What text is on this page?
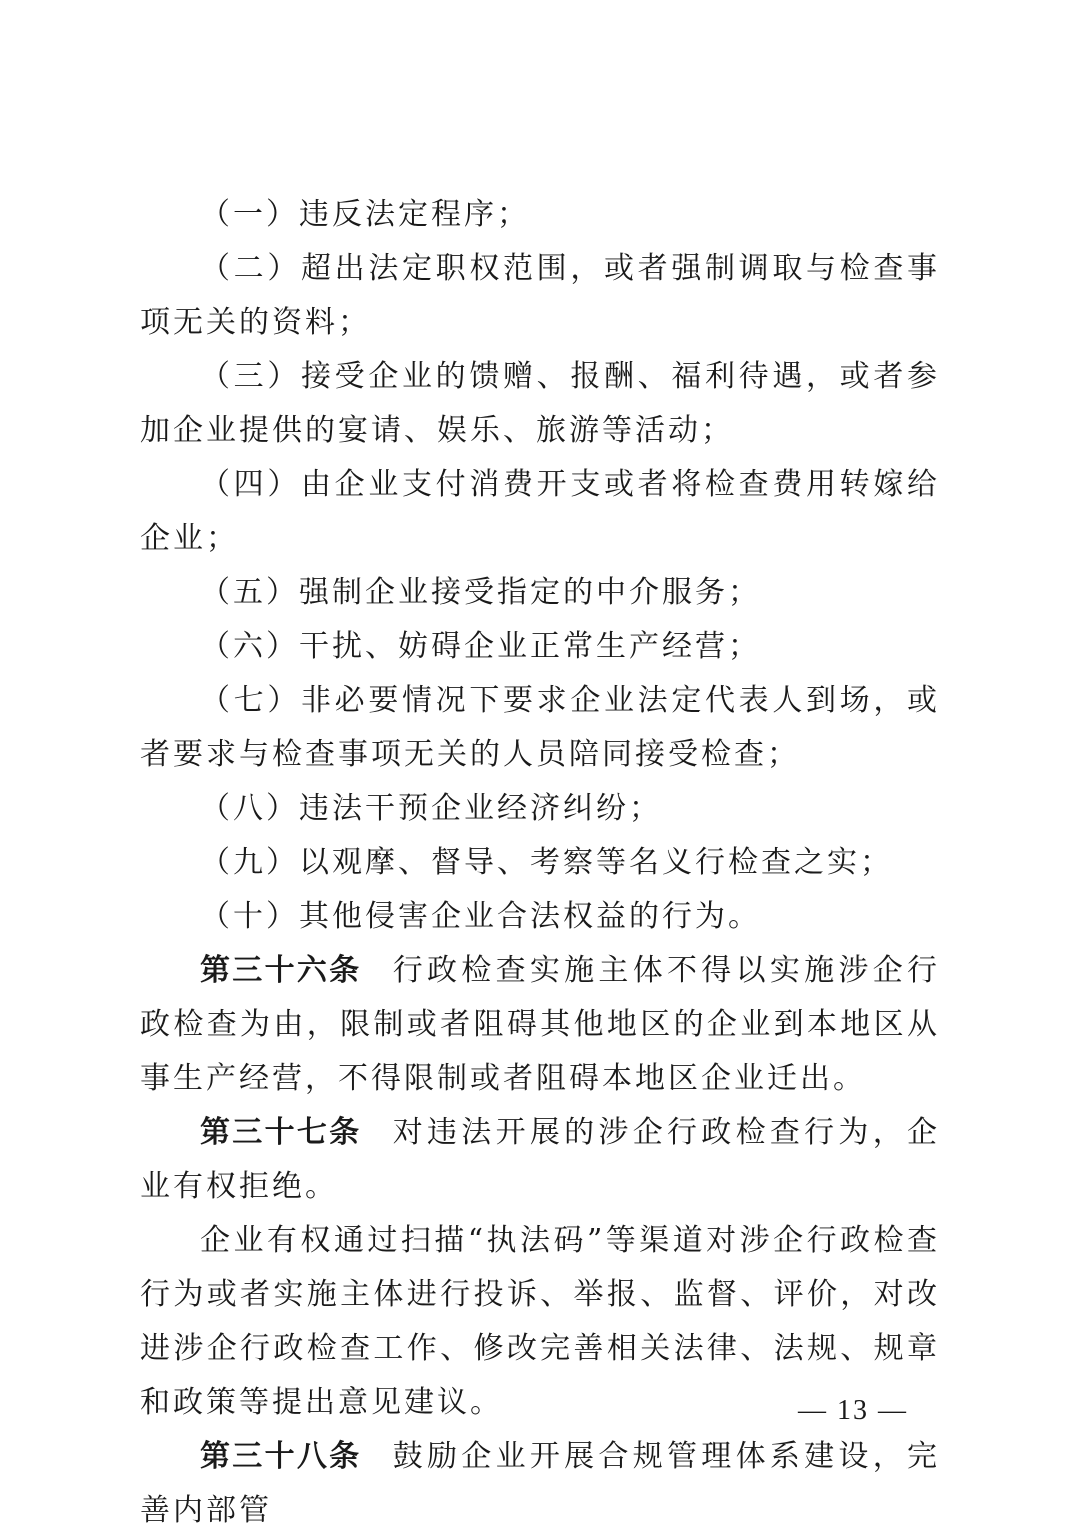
（一）违反法定程序；

（二）超出法定职权范围，或者强制调取与检查事项无关的资料；

（三）接受企业的馈赠、报酬、福利待遇，或者参加企业提供的宴请、娱乐、旅游等活动；

（四）由企业支付消费开支或者将检查费用转嫁给企业；

（五）强制企业接受指定的中介服务；

（六）干扰、妨碍企业正常生产经营；

（七）非必要情况下要求企业法定代表人到场，或者要求与检查事项无关的人员陪同接受检查；

（八）违法干预企业经济纠纷；

（九）以观摩、督导、考察等名义行检查之实；

（十）其他侵害企业合法权益的行为。

第三十六条 行政检查实施主体不得以实施涉企行政检查为由，限制或者阻碍其他地区的企业到本地区从事生产经营，不得限制或者阻碍本地区企业迁出。

第三十七条 对违法开展的涉企行政检查行为，企业有权拒绝。

企业有权通过扫描“执法码”等渠道对涉企行政检查行为或者实施主体进行投诉、举报、监督、评价，对改进涉企行政检查工作、修改完善相关法律、法规、规章和政策等提出意见建议。

第三十八条 鼓励企业开展合规管理体系建设，完善内部管

— 13 —
